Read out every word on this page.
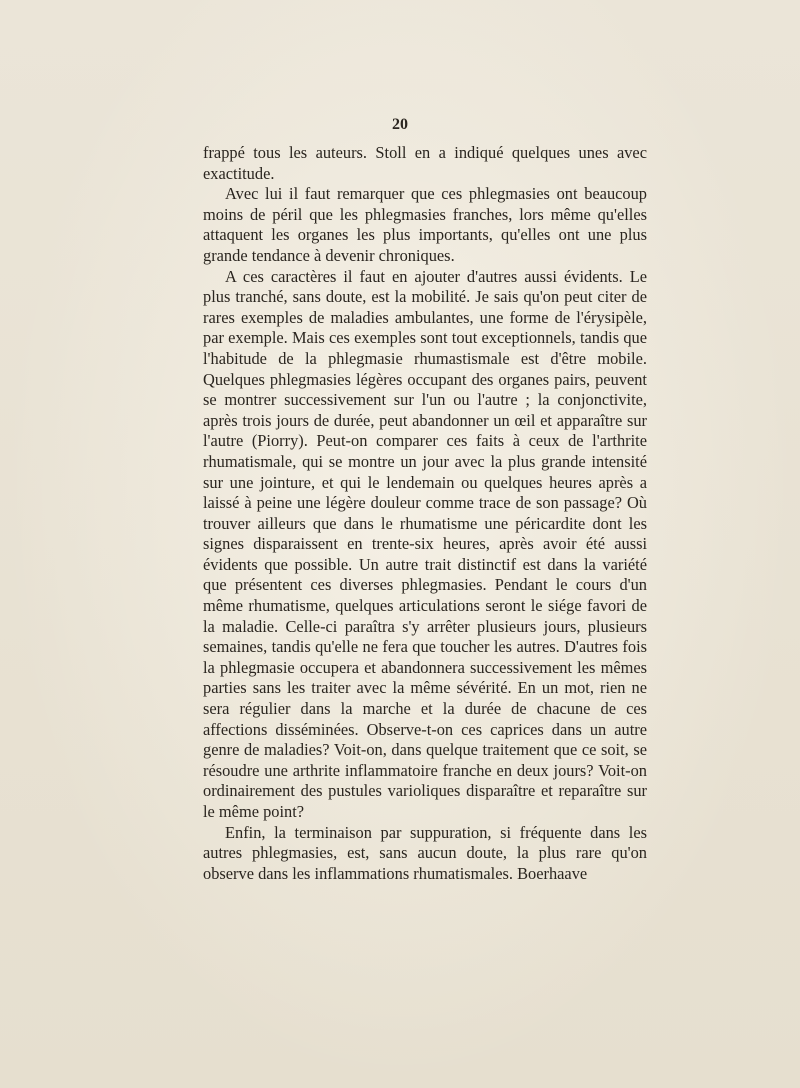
20

frappé tous les auteurs. Stoll en a indiqué quelques unes avec exactitude.

Avec lui il faut remarquer que ces phlegmasies ont beaucoup moins de péril que les phlegmasies franches, lors même qu'elles attaquent les organes les plus importants, qu'elles ont une plus grande tendance à devenir chroniques.

A ces caractères il faut en ajouter d'autres aussi évidents. Le plus tranché, sans doute, est la mobilité. Je sais qu'on peut citer de rares exemples de maladies ambulantes, une forme de l'érysipèle, par exemple. Mais ces exemples sont tout exceptionnels, tandis que l'habitude de la phlegmasie rhumastismale est d'être mobile. Quelques phlegmasies légères occupant des organes pairs, peuvent se montrer successivement sur l'un ou l'autre ; la conjonctivite, après trois jours de durée, peut abandonner un œil et apparaître sur l'autre (Piorry). Peut-on comparer ces faits à ceux de l'arthrite rhumatismale, qui se montre un jour avec la plus grande intensité sur une jointure, et qui le lendemain ou quelques heures après a laissé à peine une légère douleur comme trace de son passage? Où trouver ailleurs que dans le rhumatisme une péricardite dont les signes disparaissent en trente-six heures, après avoir été aussi évidents que possible. Un autre trait distinctif est dans la variété que présentent ces diverses phlegmasies. Pendant le cours d'un même rhumatisme, quelques articulations seront le siége favori de la maladie. Celle-ci paraîtra s'y arrêter plusieurs jours, plusieurs semaines, tandis qu'elle ne fera que toucher les autres. D'autres fois la phlegmasie occupera et abandonnera successivement les mêmes parties sans les traiter avec la même sévérité. En un mot, rien ne sera régulier dans la marche et la durée de chacune de ces affections disséminées. Observe-t-on ces caprices dans un autre genre de maladies? Voit-on, dans quelque traitement que ce soit, se résoudre une arthrite inflammatoire franche en deux jours? Voit-on ordinairement des pustules varioliques disparaître et reparaître sur le même point?

Enfin, la terminaison par suppuration, si fréquente dans les autres phlegmasies, est, sans aucun doute, la plus rare qu'on observe dans les inflammations rhumatismales. Boerhaave
